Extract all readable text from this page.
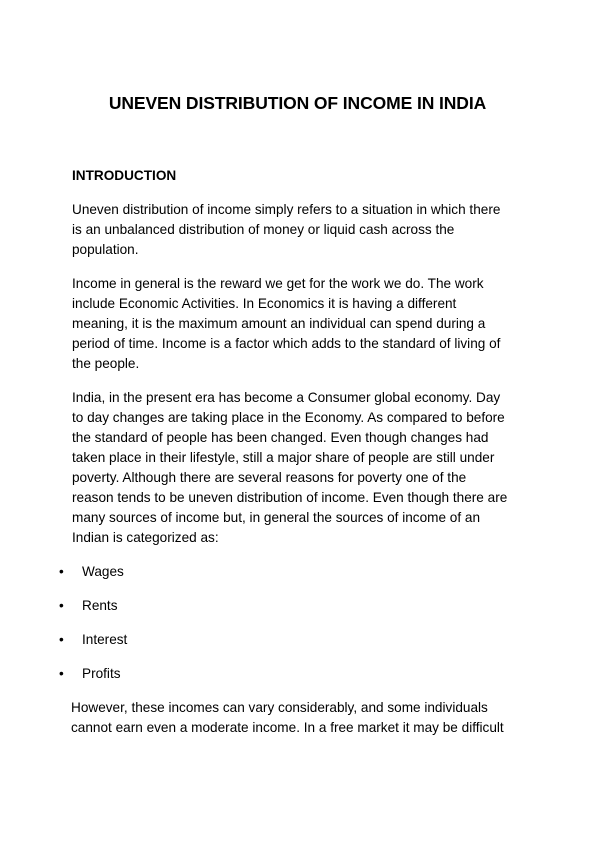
UNEVEN DISTRIBUTION OF INCOME IN INDIA
INTRODUCTION
Uneven distribution of income simply refers to a situation in which there
is an unbalanced distribution of money or liquid cash across the
population.
Income in general is the reward we get for the work we do. The work
include Economic Activities. In Economics it is having a different
meaning, it is the maximum amount an individual can spend during a
period of time. Income is a factor which adds to the standard of living of
the people.
India, in the present era has become a Consumer global economy. Day
to day changes are taking place in the Economy. As compared to before
the standard of people has been changed. Even though changes had
taken place in their lifestyle, still a major share of people are still under
poverty. Although there are several reasons for poverty one of the
reason tends to be uneven distribution of income. Even though there are
many sources of income but, in general the sources of income of an
Indian is categorized as:
• Wages
• Rents
• Interest
• Profits
However, these incomes can vary considerably, and some individuals
cannot earn even a moderate income. In a free market it may be difficult
